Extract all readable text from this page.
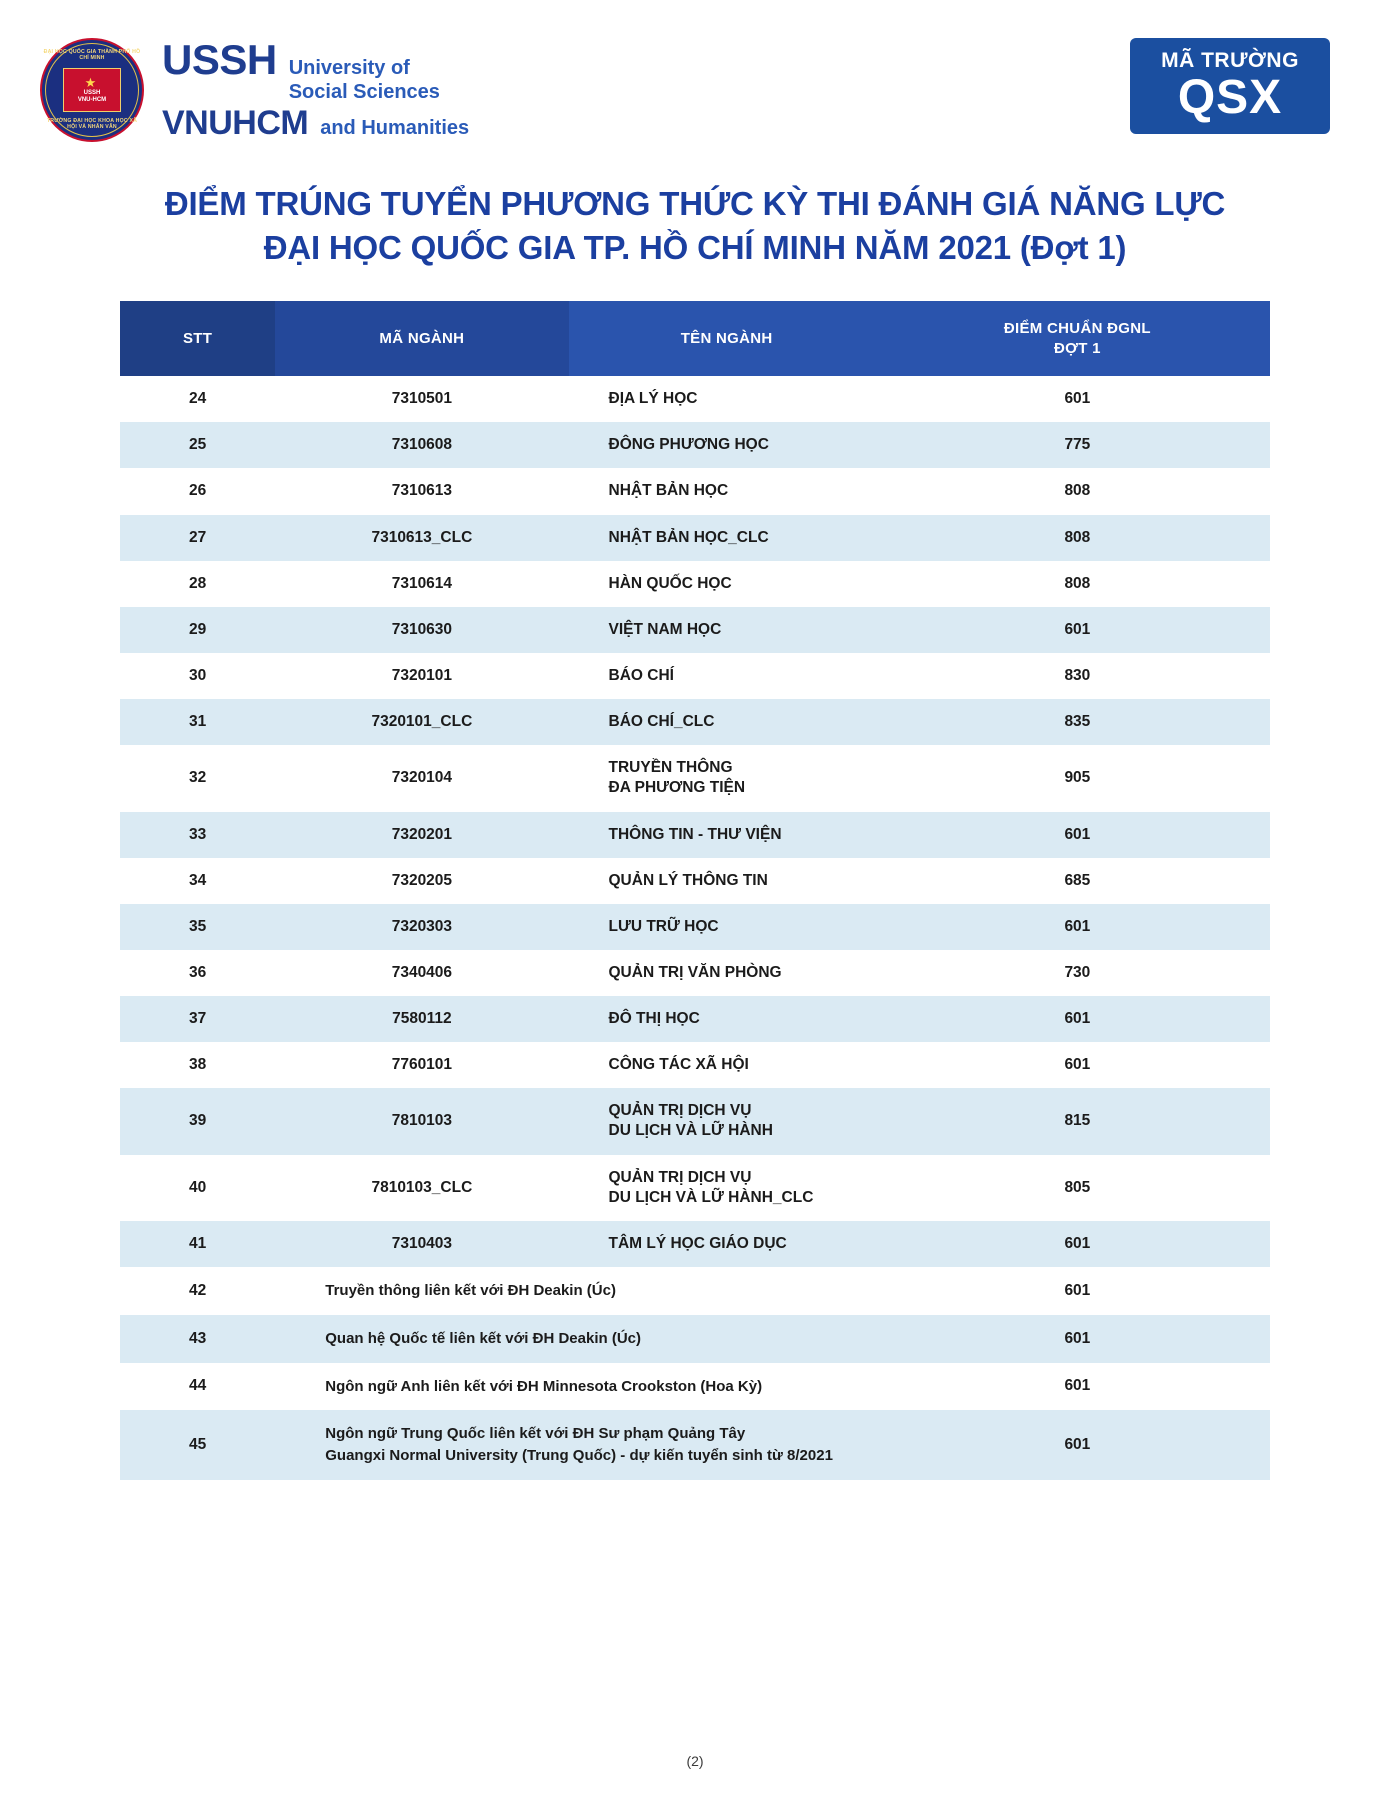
ĐẠI HỌC QUỐC GIA THÀNH PHỐ HỒ CHÍ MINH
★
USSH
VNU-HCM
TRƯỜNG ĐẠI HỌC KHOA HỌC XÃ HỘI VÀ NHÂN VĂN
USSH University of
Social Sciences
VNUHCM and Humanities
MÃ TRƯỜNG
QSX
ĐIỂM TRÚNG TUYỂN PHƯƠNG THỨC KỲ THI ĐÁNH GIÁ NĂNG LỰC
ĐẠI HỌC QUỐC GIA TP. HỒ CHÍ MINH NĂM 2021 (Đợt 1)
STT	MÃ NGÀNH	TÊN NGÀNH	ĐIỂM CHUẨN ĐGNL
ĐỢT 1
24	7310501	ĐỊA LÝ HỌC	601
25	7310608	ĐÔNG PHƯƠNG HỌC	775
26	7310613	NHẬT BẢN HỌC	808
27	7310613_CLC	NHẬT BẢN HỌC_CLC	808
28	7310614	HÀN QUỐC HỌC	808
29	7310630	VIỆT NAM HỌC	601
30	7320101	BÁO CHÍ	830
31	7320101_CLC	BÁO CHÍ_CLC	835
32	7320104	TRUYỀN THÔNG
ĐA PHƯƠNG TIỆN	905
33	7320201	THÔNG TIN - THƯ VIỆN	601
34	7320205	QUẢN LÝ THÔNG TIN	685
35	7320303	LƯU TRỮ HỌC	601
36	7340406	QUẢN TRỊ VĂN PHÒNG	730
37	7580112	ĐÔ THỊ HỌC	601
38	7760101	CÔNG TÁC XÃ HỘI	601
39	7810103	QUẢN TRỊ DỊCH VỤ
DU LỊCH VÀ LỮ HÀNH	815
40	7810103_CLC	QUẢN TRỊ DỊCH VỤ
DU LỊCH VÀ LỮ HÀNH_CLC	805
41	7310403	TÂM LÝ HỌC GIÁO DỤC	601
42	Truyền thông liên kết với ĐH Deakin (Úc)		601
43	Quan hệ Quốc tế liên kết với ĐH Deakin (Úc)		601
44	Ngôn ngữ Anh liên kết với ĐH Minnesota Crookston (Hoa Kỳ)		601
45	Ngôn ngữ Trung Quốc liên kết với ĐH Sư phạm Quảng Tây
Guangxi Normal University (Trung Quốc) - dự kiến tuyển sinh từ 8/2021		601
(2)
